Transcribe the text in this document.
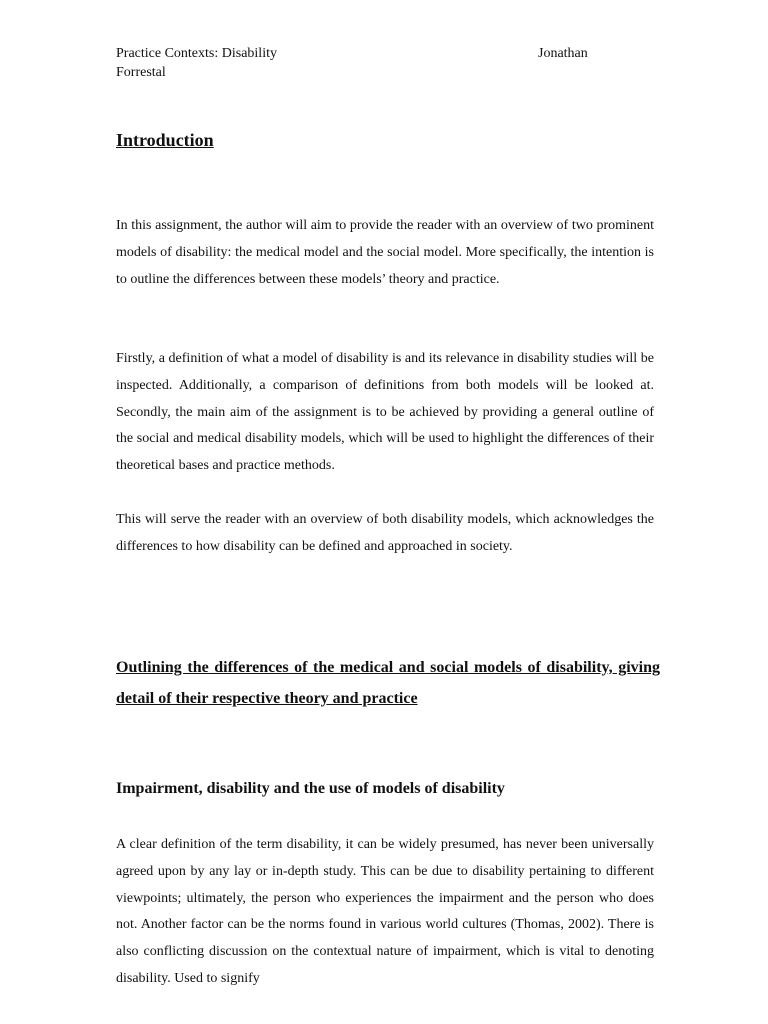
Practice Contexts: Disability	Jonathan
Forrestal
Introduction

In this assignment, the author will aim to provide the reader with an overview of two prominent models of disability: the medical model and the social model. More specifically, the intention is to outline the differences between these models’ theory and practice.

Firstly, a definition of what a model of disability is and its relevance in disability studies will be inspected. Additionally, a comparison of definitions from both models will be looked at. Secondly, the main aim of the assignment is to be achieved by providing a general outline of the social and medical disability models, which will be used to highlight the differences of their theoretical bases and practice methods.

This will serve the reader with an overview of both disability models, which acknowledges the differences to how disability can be defined and approached in society.

Outlining the differences of the medical and social models of disability, giving detail of their respective theory and practice
Impairment, disability and the use of models of disability

A clear definition of the term disability, it can be widely presumed, has never been universally agreed upon by any lay or in-depth study. This can be due to disability pertaining to different viewpoints; ultimately, the person who experiences the impairment and the person who does not. Another factor can be the norms found in various world cultures (Thomas, 2002). There is also conflicting discussion on the contextual nature of impairment, which is vital to denoting disability. Used to signify
